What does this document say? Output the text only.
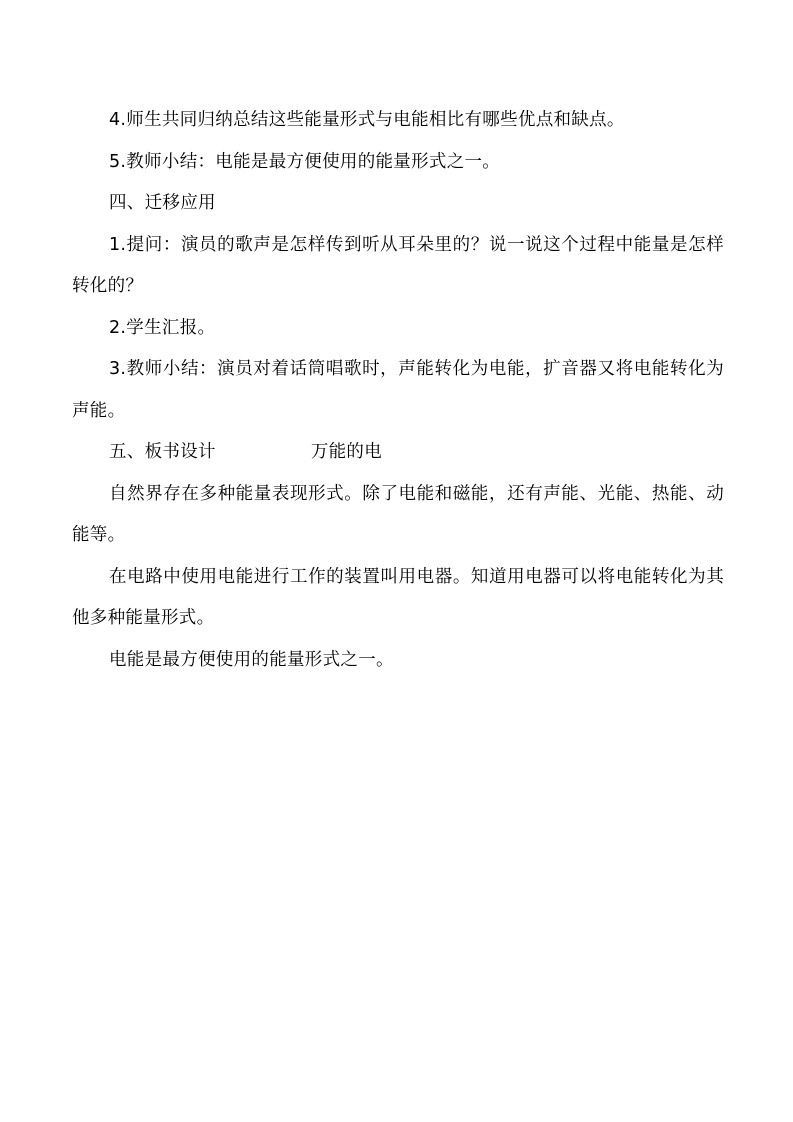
4.师生共同归纳总结这些能量形式与电能相比有哪些优点和缺点。

5.教师小结：电能是最方便使用的能量形式之一。

四、迁移应用

1.提问：演员的歌声是怎样传到听从耳朵里的？说一说这个过程中能量是怎样转化的？

2.学生汇报。

3.教师小结：演员对着话筒唱歌时，声能转化为电能，扩音器又将电能转化为声能。

五、板书设计	万能的电

自然界存在多种能量表现形式。除了电能和磁能，还有声能、光能、热能、动能等。

在电路中使用电能进行工作的装置叫用电器。知道用电器可以将电能转化为其他多种能量形式。

电能是最方便使用的能量形式之一。
